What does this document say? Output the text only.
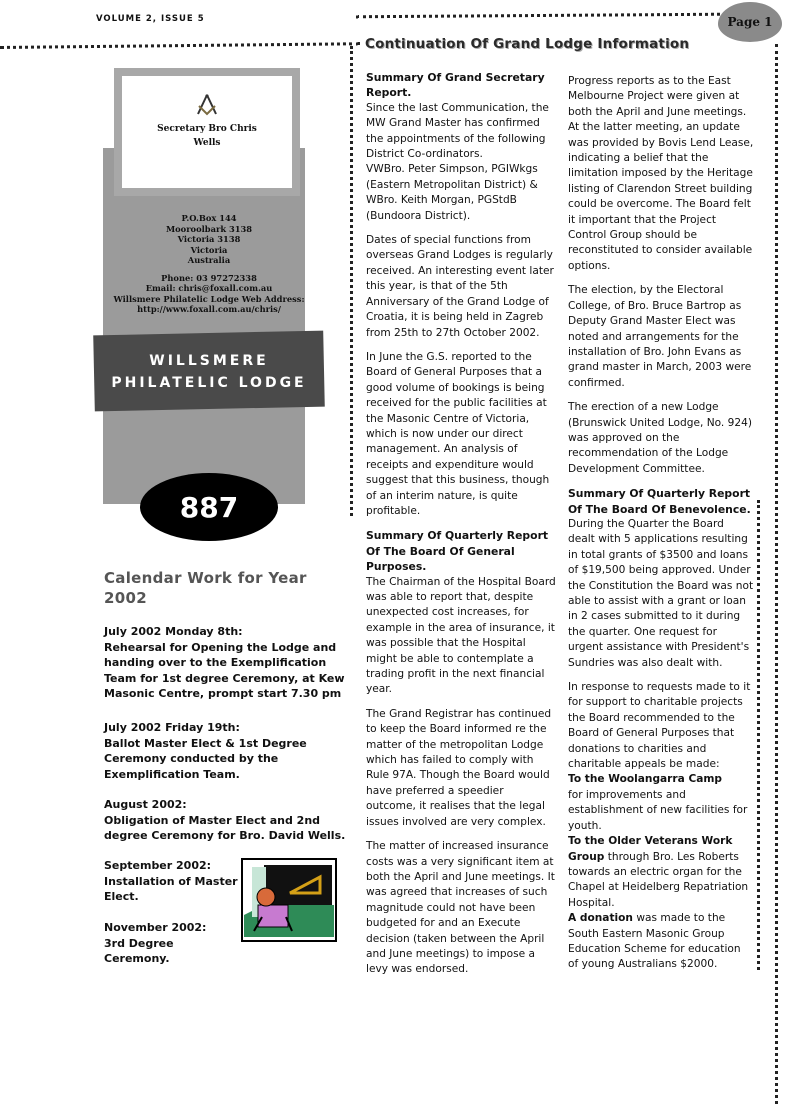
VOLUME 2, ISSUE 5	Page 1
Continuation Of Grand Lodge Information
Secretary Bro Chris
Wells
P.O.Box 144
Mooroolbark 3138
Victoria 3138
Victoria
Australia
Phone: 03 97272338
Email: chris@foxall.com.au
Willsmere Philatelic Lodge Web Address:
http://www.foxall.com.au/chris/
WILLSMERE
PHILATELIC LODGE
887
Calendar Work for Year 2002
July 2002 Monday 8th:
Rehearsal for Opening the Lodge and handing over to the Exemplification Team for 1st degree Ceremony, at Kew Masonic Centre, prompt start 7.30 pm
July 2002 Friday 19th:
Ballot Master Elect & 1st Degree Ceremony conducted by the Exemplification Team.
August 2002:
Obligation of Master Elect and 2nd degree Ceremony for Bro. David Wells.
September 2002:
Installation of Master Elect.
November 2002:
3rd Degree Ceremony.
Summary Of Grand Secretary Report.

Since the last Communication, the MW Grand Master has confirmed the appointments of the following District Co-ordinators.

VWBro. Peter Simpson, PGIWkgs (Eastern Metropolitan District) & WBro. Keith Morgan, PGStdB (Bundoora District).

Dates of special functions from overseas Grand Lodges is regularly received. An interesting event later this year, is that of the 5th Anniversary of the Grand Lodge of Croatia, it is being held in Zagreb from 25th to 27th October 2002.

In June the G.S. reported to the Board of General Purposes that a good volume of bookings is being received for the public facilities at the Masonic Centre of Victoria, which is now under our direct management. An analysis of receipts and expenditure would suggest that this business, though of an interim nature, is quite profitable.

Summary Of Quarterly Report Of The Board Of General Purposes.

The Chairman of the Hospital Board was able to report that, despite unexpected cost increases, for example in the area of insurance, it was possible that the Hospital might be able to contemplate a trading profit in the next financial year.

The Grand Registrar has continued to keep the Board informed re the matter of the metropolitan Lodge which has failed to comply with Rule 97A. Though the Board would have preferred a speedier outcome, it realises that the legal issues involved are very complex.

The matter of increased insurance costs was a very significant item at both the April and June meetings. It was agreed that increases of such magnitude could not have been budgeted for and an Execute decision (taken between the April and June meetings) to impose a levy was endorsed.

Progress reports as to the East Melbourne Project were given at both the April and June meetings. At the latter meeting, an update was provided by Bovis Lend Lease, indicating a belief that the limitation imposed by the Heritage listing of Clarendon Street building could be overcome. The Board felt it important that the Project Control Group should be reconstituted to consider available options.

The election, by the Electoral College, of Bro. Bruce Bartrop as Deputy Grand Master Elect was noted and arrangements for the installation of Bro. John Evans as grand master in March, 2003 were confirmed.

The erection of a new Lodge (Brunswick United Lodge, No. 924) was approved on the recommendation of the Lodge Development Committee.

Summary Of Quarterly Report Of The Board Of Benevolence.

During the Quarter the Board dealt with 5 applications resulting in total grants of $3500 and loans of $19,500 being approved. Under the Constitution the Board was not able to assist with a grant or loan in 2 cases submitted to it during the quarter. One request for urgent assistance with President's Sundries was also dealt with.

In response to requests made to it for support to charitable projects the Board recommended to the Board of General Purposes that donations to charities and charitable appeals be made:

To the Woolangarra Camp
for improvements and establishment of new facilities for youth.
To the Older Veterans Work Group through Bro. Les Roberts towards an electric organ for the Chapel at Heidelberg Repatriation Hospital.
A donation was made to the South Eastern Masonic Group Education Scheme for education of young Australians $2000.
